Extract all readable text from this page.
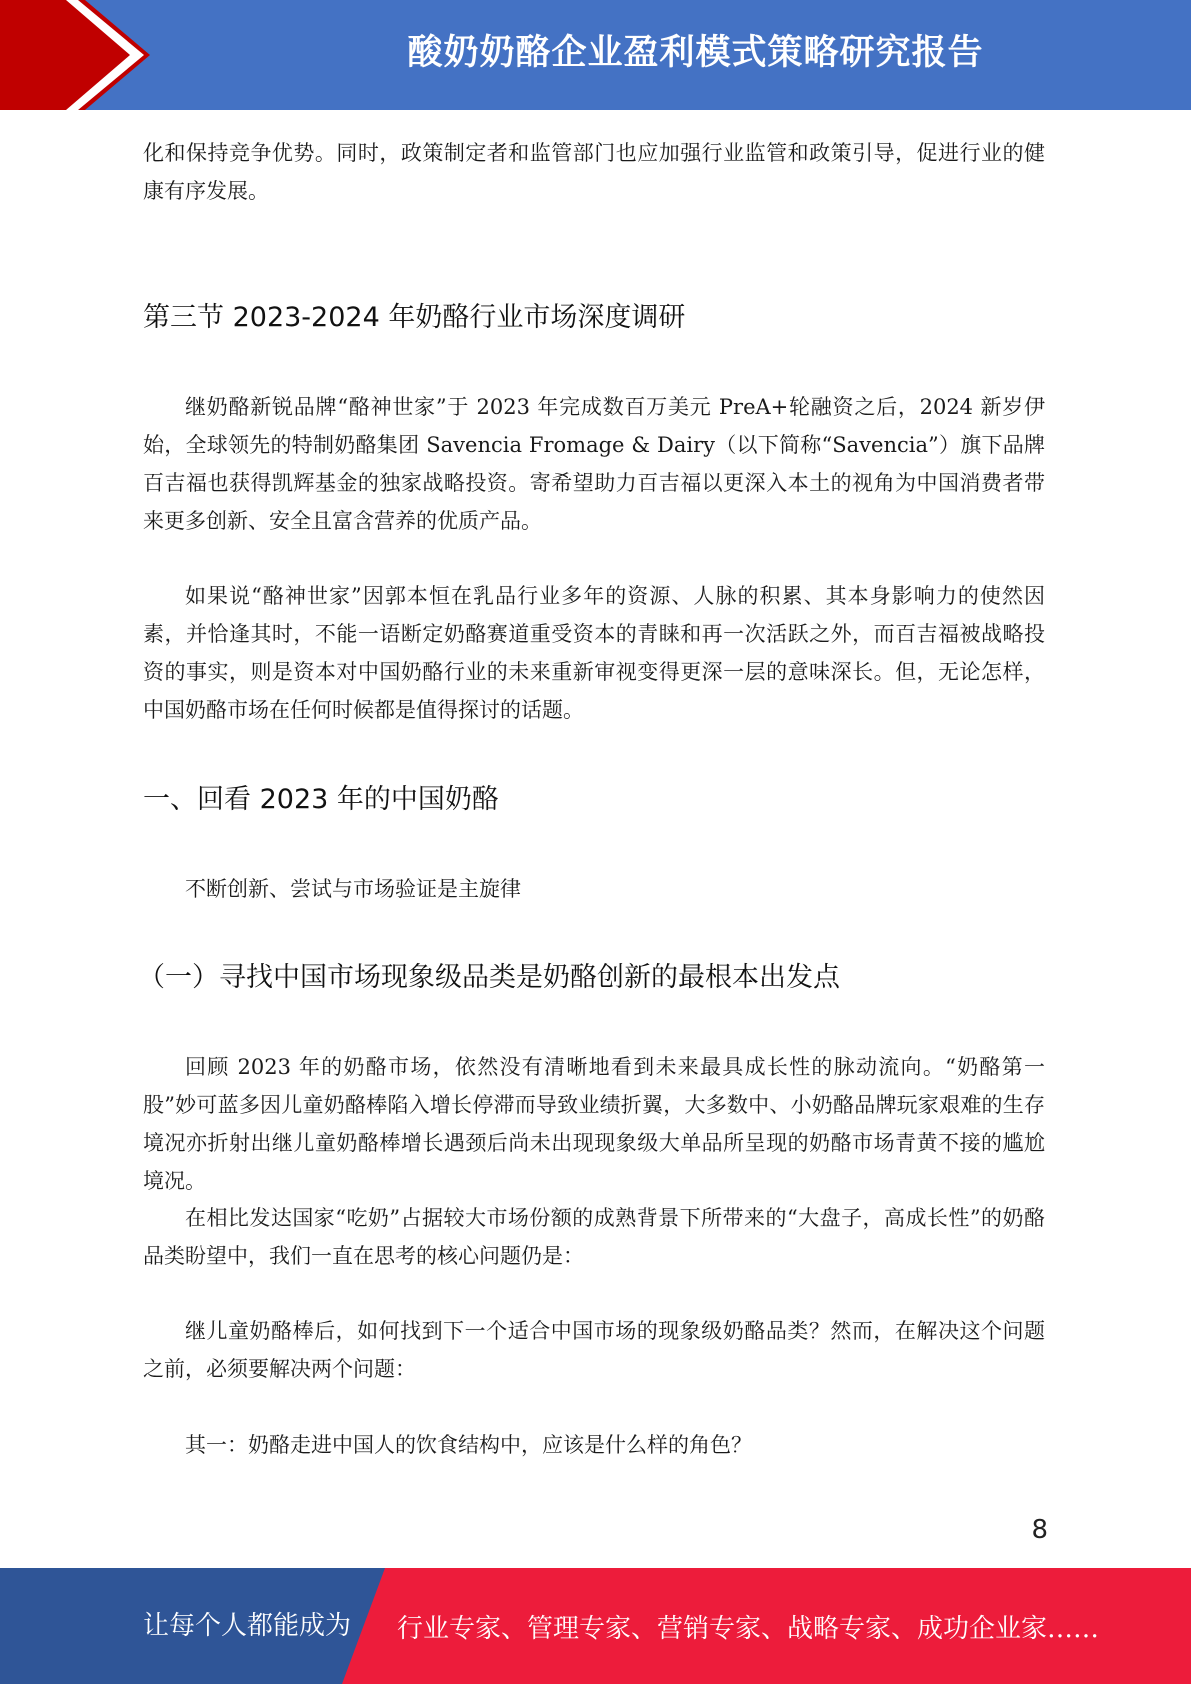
酸奶奶酪企业盈利模式策略研究报告
化和保持竞争优势。同时，政策制定者和监管部门也应加强行业监管和政策引导，促进行业的健康有序发展。
第三节 2023-2024 年奶酪行业市场深度调研
继奶酪新锐品牌“酪神世家”于 2023 年完成数百万美元 PreA+轮融资之后，2024 新岁伊始，全球领先的特制奶酪集团 Savencia Fromage & Dairy（以下简称“Savencia”）旗下品牌百吉福也获得凯辉基金的独家战略投资。寄希望助力百吉福以更深入本土的视角为中国消费者带来更多创新、安全且富含营养的优质产品。
如果说“酪神世家”因郭本恒在乳品行业多年的资源、人脉的积累、其本身影响力的使然因素，并恰逢其时，不能一语断定奶酪赛道重受资本的青睐和再一次活跃之外，而百吉福被战略投资的事实，则是资本对中国奶酪行业的未来重新审视变得更深一层的意味深长。但，无论怎样，中国奶酪市场在任何时候都是值得探讨的话题。
一、回看 2023 年的中国奶酪
不断创新、尝试与市场验证是主旋律
（一）寻找中国市场现象级品类是奶酪创新的最根本出发点
回顾 2023 年的奶酪市场，依然没有清晰地看到未来最具成长性的脉动流向。“奶酪第一股”妙可蓝多因儿童奶酪棒陷入增长停滞而导致业绩折翼，大多数中、小奶酪品牌玩家艰难的生存境况亦折射出继儿童奶酪棒增长遇颈后尚未出现现象级大单品所呈现的奶酪市场青黄不接的尴尬境况。
在相比发达国家“吃奶”占据较大市场份额的成熟背景下所带来的“大盘子，高成长性”的奶酪品类盼望中，我们一直在思考的核心问题仍是：
继儿童奶酪棒后，如何找到下一个适合中国市场的现象级奶酪品类？然而，在解决这个问题之前，必须要解决两个问题：
其一：奶酪走进中国人的饮食结构中，应该是什么样的角色？
8
让每个人都能成为 行业专家、管理专家、营销专家、战略专家、成功企业家……
